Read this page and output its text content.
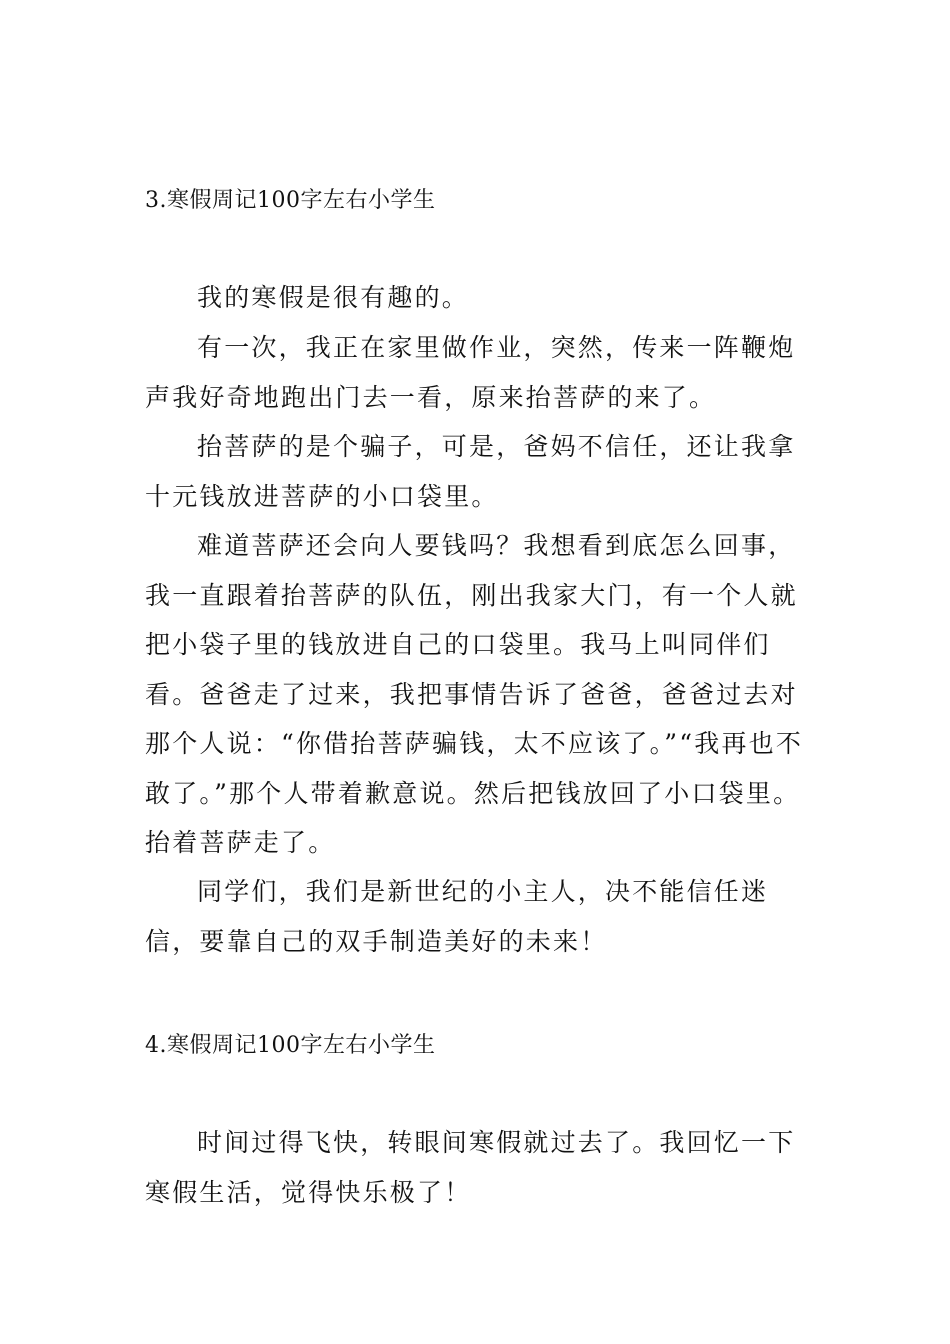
3.寒假周记100字左右小学生

我的寒假是很有趣的。

有一次，我正在家里做作业，突然，传来一阵鞭炮声我好奇地跑出门去一看，原来抬菩萨的来了。

抬菩萨的是个骗子，可是，爸妈不信任，还让我拿十元钱放进菩萨的小口袋里。

难道菩萨还会向人要钱吗？我想看到底怎么回事，我一直跟着抬菩萨的队伍，刚出我家大门，有一个人就把小袋子里的钱放进自己的口袋里。我马上叫同伴们看。爸爸走了过来，我把事情告诉了爸爸，爸爸过去对那个人说：“你借抬菩萨骗钱，太不应该了。”“我再也不敢了。”那个人带着歉意说。然后把钱放回了小口袋里。抬着菩萨走了。

同学们，我们是新世纪的小主人，决不能信任迷信，要靠自己的双手制造美好的未来！

4.寒假周记100字左右小学生

时间过得飞快，转眼间寒假就过去了。我回忆一下寒假生活，觉得快乐极了！
